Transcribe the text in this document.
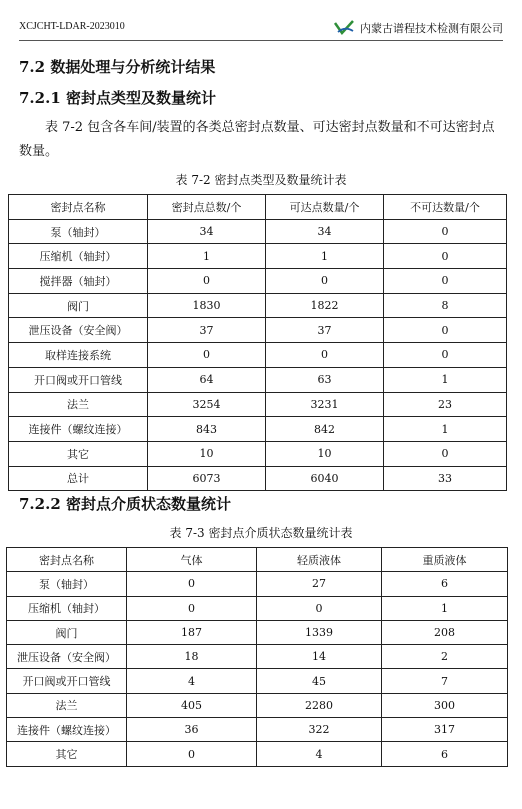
XCJCHT-LDAR-2023010	内蒙古谱程技术检测有限公司
7.2 数据处理与分析统计结果
7.2.1 密封点类型及数量统计
表 7-2 包含各车间/装置的各类总密封点数量、可达密封点数量和不可达密封点数量。
表 7-2 密封点类型及数量统计表
密封点名称	密封点总数/个	可达点数量/个	不可达数量/个
泵（轴封）	34	34	0
压缩机（轴封）	1	1	0
搅拌器（轴封）	0	0	0
阀门	1830	1822	8
泄压设备（安全阀）	37	37	0
取样连接系统	0	0	0
开口阀或开口管线	64	63	1
法兰	3254	3231	23
连接件（螺纹连接）	843	842	1
其它	10	10	0
总计	6073	6040	33
7.2.2 密封点介质状态数量统计
表 7-3 密封点介质状态数量统计表
密封点名称	气体	轻质液体	重质液体
泵（轴封）	0	27	6
压缩机（轴封）	0	0	1
阀门	187	1339	208
泄压设备（安全阀）	18	14	2
开口阀或开口管线	4	45	7
法兰	405	2280	300
连接件（螺纹连接）	36	322	317
其它	0	4	6
